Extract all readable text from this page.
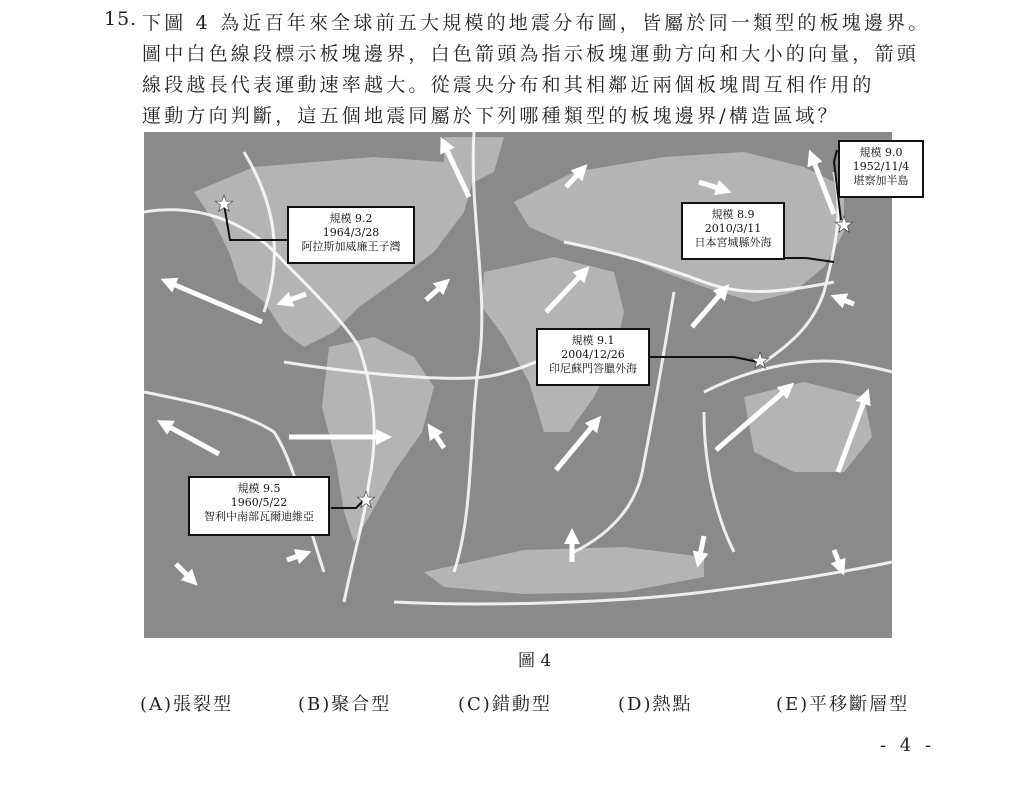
15. 下圖 4 為近百年來全球前五大規模的地震分布圖，皆屬於同一類型的板塊邊界。
圖中白色線段標示板塊邊界，白色箭頭為指示板塊運動方向和大小的向量，箭頭
線段越長代表運動速率越大。從震央分布和其相鄰近兩個板塊間互相作用的
運動方向判斷，這五個地震同屬於下列哪種類型的板塊邊界/構造區域？
規模 9.2
1964/3/28
阿拉斯加威廉王子灣
規模 8.9
2010/3/11
日本宮城縣外海
規模 9.0
1952/11/4
堪察加半島
規模 9.1
2004/12/26
印尼蘇門答臘外海
規模 9.5
1960/5/22
智利中南部瓦爾迪維亞
圖 4
(A)張裂型	(B)聚合型	(C)錯動型	(D)熱點	(E)平移斷層型
- 4 -
